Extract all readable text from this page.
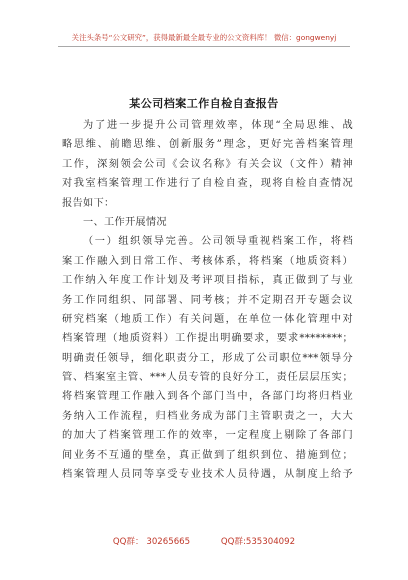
关注头条号“公文研究”，获得最新最全最专业的公文资料库！ 微信：gongwenyj
某公司档案工作自检自查报告
为了进一步提升公司管理效率，体现“全局思维、战
略思维、前瞻思维、创新服务”理念，更好完善档案管理
工作，深刻领会公司《会议名称》有关会议（文件）精神
对我室档案管理工作进行了自检自查，现将自检自查情况
报告如下：
一、工作开展情况
（一）组织领导完善。公司领导重视档案工作，将档
案工作融入到日常工作、考核体系，将档案（地质资料）
工作纳入年度工作计划及考评项目指标，真正做到了与业
务工作同组织、同部署、同考核；并不定期召开专题会议
研究档案（地质工作）有关问题，在单位一体化管理中对
档案管理（地质资料）工作提出明确要求，要求********；
明确责任领导，细化职责分工，形成了公司职位***领导分
管、档案室主管、***人员专管的良好分工，责任层层压实；
将档案管理工作融入到各个部门当中，各部门均将归档业
务纳入工作流程，归档业务成为部门主管职责之一，大大
的加大了档案管理工作的效率，一定程度上剔除了各部门
间业务不互通的壁垒，真正做到了组织到位、措施到位；
档案管理人员同等享受专业技术人员待遇，从制度上给予
QQ群： 30265665	QQ群:535304092
